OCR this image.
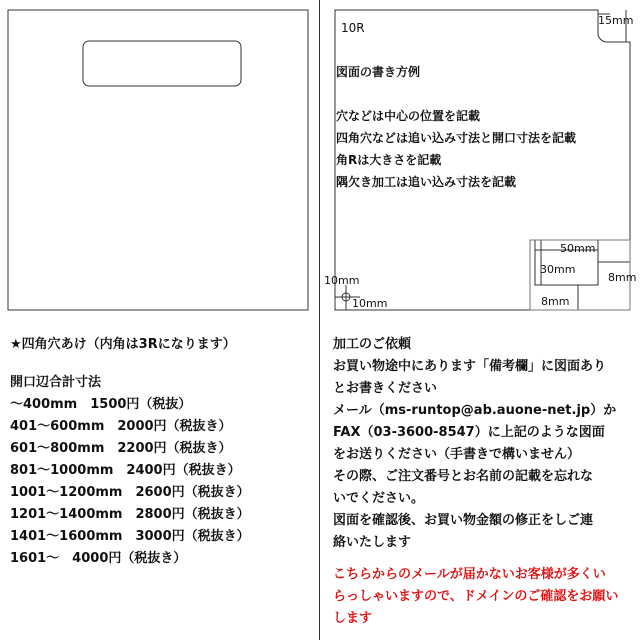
10R
15mm
図面の書き方例
穴などは中心の位置を記載
四角穴などは追い込み寸法と開口寸法を記載
角Rは大きさを記載
隅欠き加工は追い込み寸法を記載
10mm
10mm
50mm
30mm
8mm
8mm
★四角穴あけ（内角は3Rになります）
開口辺合計寸法
～400mm　1500円（税抜）
401～600mm　2000円（税抜き）
601～800mm　2200円（税抜き）
801～1000mm　2400円（税抜き）
1001～1200mm　2600円（税抜き）
1201～1400mm　2800円（税抜き）
1401～1600mm　3000円（税抜き）
1601～　4000円（税抜き）
加工のご依頼
お買い物途中にあります「備考欄」に図面あり
とお書きください
メール（ms-runtop@ab.auone-net.jp）か
FAX（03-3600-8547）に上記のような図面
をお送りください（手書きで構いません）
その際、ご注文番号とお名前の記載を忘れな
いでください。
図面を確認後、お買い物金額の修正をしご連
絡いたします
こちらからのメールが届かないお客様が多くい
らっしゃいますので、ドメインのご確認をお願い
します
